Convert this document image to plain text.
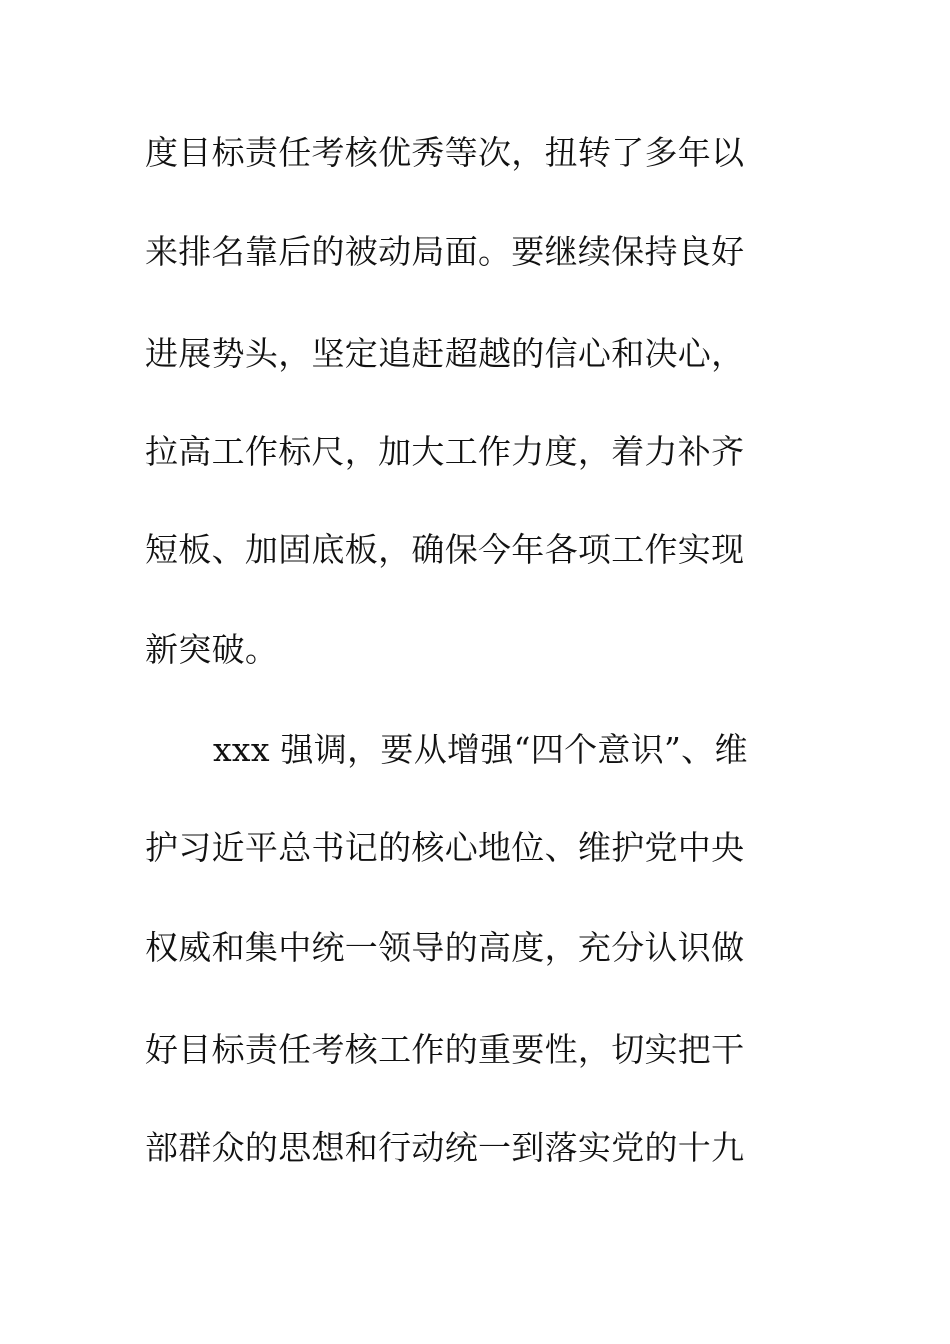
度目标责任考核优秀等次，扭转了多年以
来排名靠后的被动局面。要继续保持良好
进展势头，坚定追赶超越的信心和决心，
拉高工作标尺，加大工作力度，着力补齐
短板、加固底板，确保今年各项工作实现
新突破。
xxx 强调，要从增强“四个意识”、维
护习近平总书记的核心地位、维护党中央
权威和集中统一领导的高度，充分认识做
好目标责任考核工作的重要性，切实把干
部群众的思想和行动统一到落实党的十九
